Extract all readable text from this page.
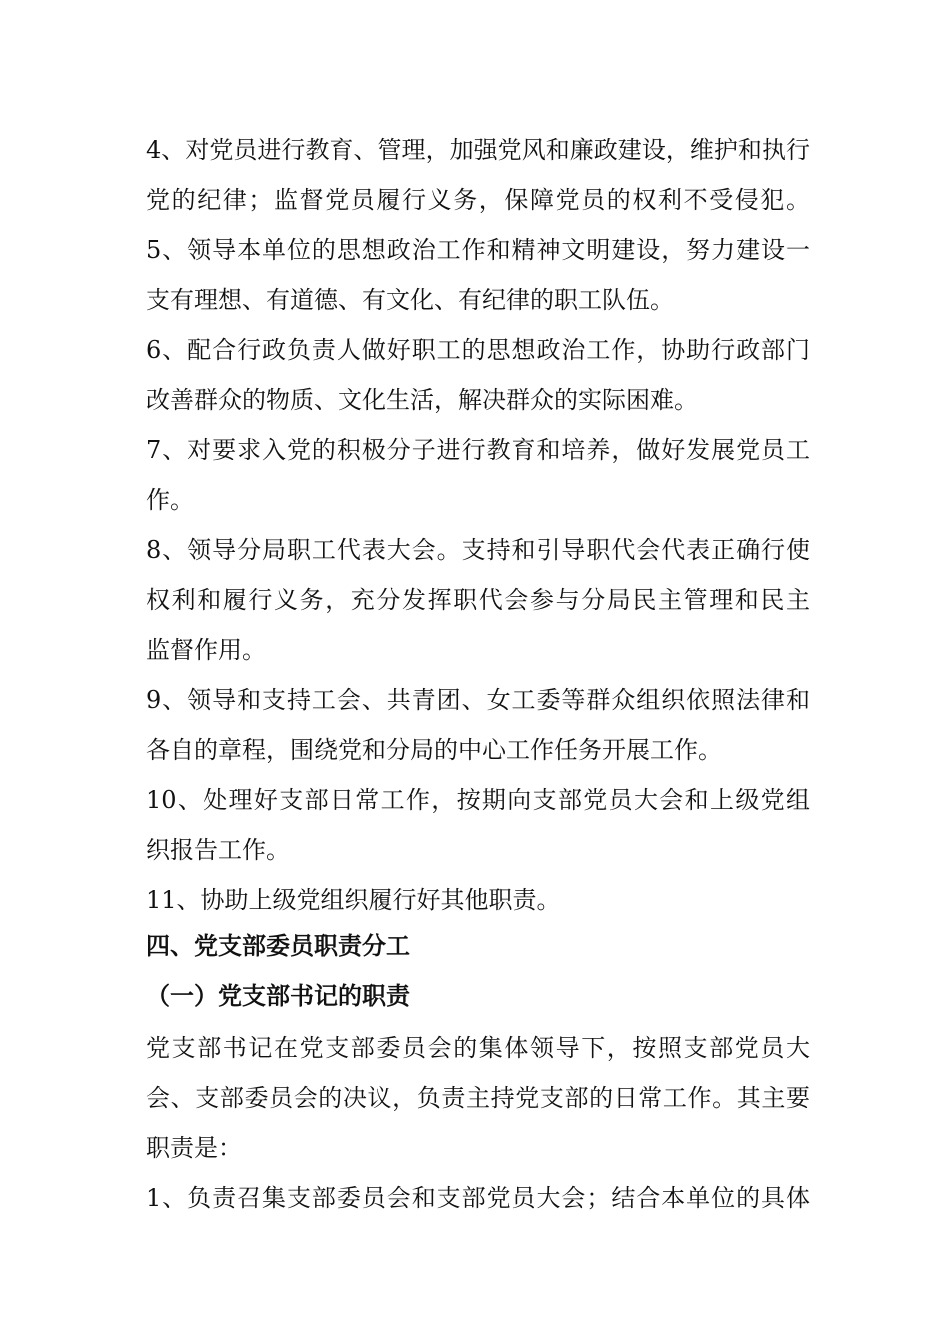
4、对党员进行教育、管理，加强党风和廉政建设，维护和执行
党的纪律；监督党员履行义务，保障党员的权利不受侵犯。
5、领导本单位的思想政治工作和精神文明建设，努力建设一
支有理想、有道德、有文化、有纪律的职工队伍。
6、配合行政负责人做好职工的思想政治工作，协助行政部门
改善群众的物质、文化生活，解决群众的实际困难。
7、对要求入党的积极分子进行教育和培养，做好发展党员工
作。
8、领导分局职工代表大会。支持和引导职代会代表正确行使
权利和履行义务，充分发挥职代会参与分局民主管理和民主
监督作用。
9、领导和支持工会、共青团、女工委等群众组织依照法律和
各自的章程，围绕党和分局的中心工作任务开展工作。
10、处理好支部日常工作，按期向支部党员大会和上级党组
织报告工作。
11、协助上级党组织履行好其他职责。
四、党支部委员职责分工
（一）党支部书记的职责
党支部书记在党支部委员会的集体领导下，按照支部党员大
会、支部委员会的决议，负责主持党支部的日常工作。其主要
职责是：
1、负责召集支部委员会和支部党员大会；结合本单位的具体
